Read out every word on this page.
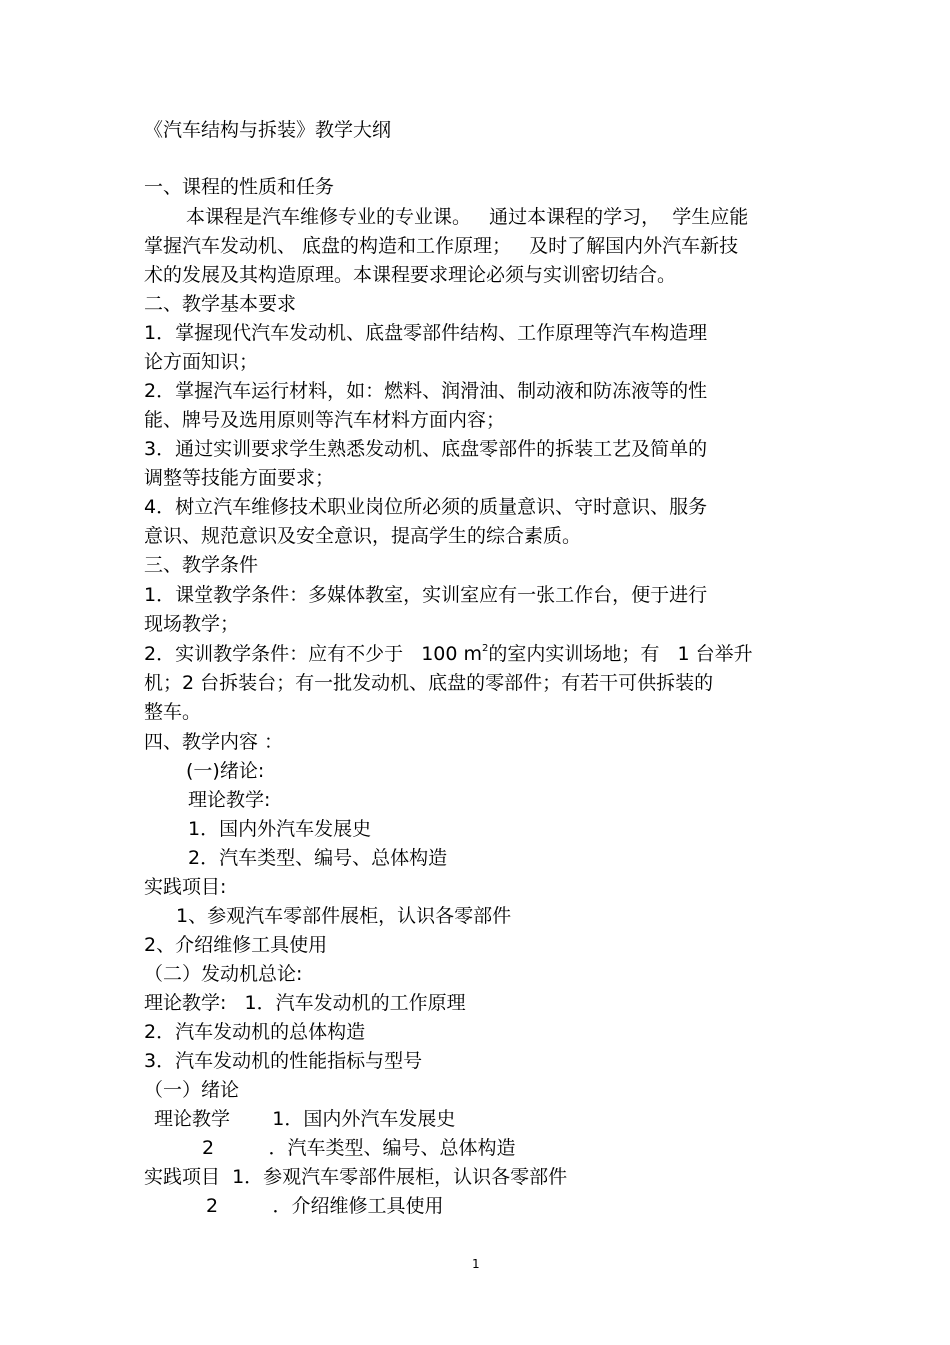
《汽车结构与拆装》教学大纲
一、课程的性质和任务
本课程是汽车维修专业的专业课。   通过本课程的学习，  学生应能
掌握汽车发动机、 底盘的构造和工作原理；   及时了解国内外汽车新技
术的发展及其构造原理。本课程要求理论必须与实训密切结合。
二、教学基本要求
1．掌握现代汽车发动机、底盘零部件结构、工作原理等汽车构造理
论方面知识；
2．掌握汽车运行材料，如：燃料、润滑油、制动液和防冻液等的性
能、牌号及选用原则等汽车材料方面内容；
3．通过实训要求学生熟悉发动机、底盘零部件的拆装工艺及简单的
调整等技能方面要求；
4．树立汽车维修技术职业岗位所必须的质量意识、守时意识、服务
意识、规范意识及安全意识，提高学生的综合素质。
三、教学条件
1．课堂教学条件：多媒体教室，实训室应有一张工作台，便于进行
现场教学；
2．实训教学条件：应有不少于   100 $m^2$的室内实训场地；有   1 台举升
机；2 台拆装台；有一批发动机、底盘的零部件；有若干可供拆装的
整车。
四、教学内容 ：
(一)绪论:
理论教学:
1．国内外汽车发展史
2．汽车类型、编号、总体构造
实践项目:
1、参观汽车零部件展柜，认识各零部件
2、介绍维修工具使用
（二）发动机总论:
理论教学:   1．汽车发动机的工作原理
2．汽车发动机的总体构造
3．汽车发动机的性能指标与型号
（一）绪论
理论教学       1．国内外汽车发展史
2         ．汽车类型、编号、总体构造
实践项目  1．参观汽车零部件展柜，认识各零部件
2         ．介绍维修工具使用
1
